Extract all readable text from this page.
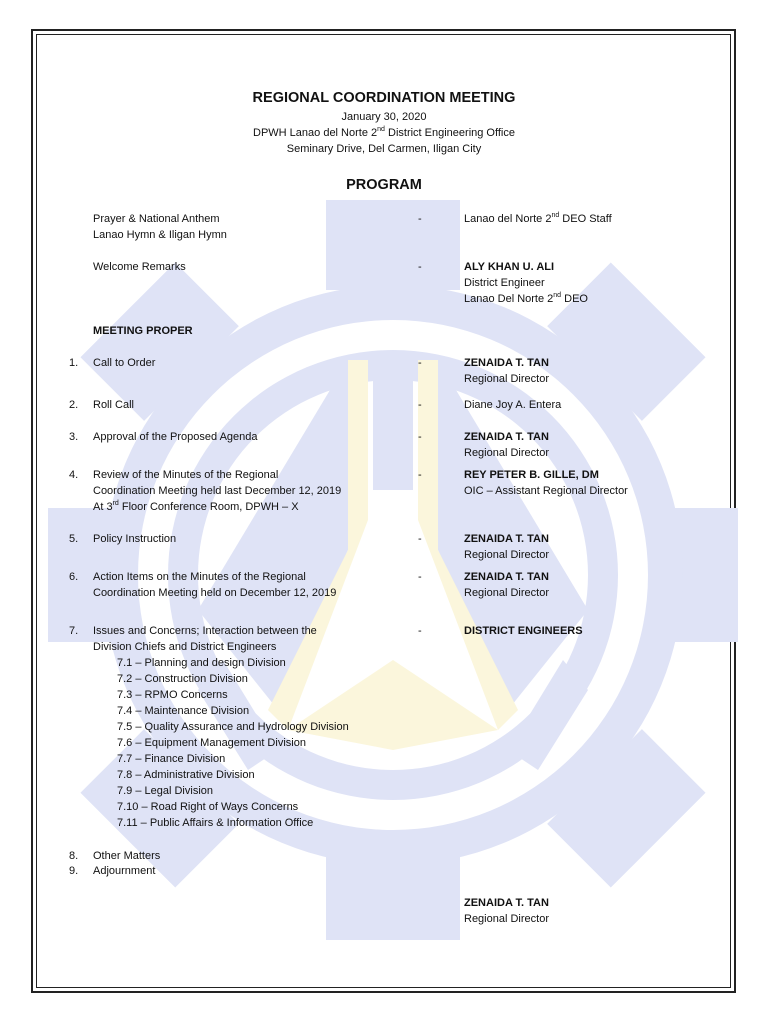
REGIONAL COORDINATION MEETING
January 30, 2020
DPWH Lanao del Norte 2nd District Engineering Office
Seminary Drive, Del Carmen, Iligan City
PROGRAM
Prayer & National Anthem
Lanao Hymn & Iligan Hymn
-	Lanao del Norte 2nd DEO Staff
Welcome Remarks	-	ALY KHAN U. ALI
District Engineer
Lanao Del Norte 2nd DEO
MEETING PROPER
1. Call to Order	-	ZENAIDA T. TAN
Regional Director
2. Roll Call	-	Diane Joy A. Entera
3. Approval of the Proposed Agenda	-	ZENAIDA T. TAN
Regional Director
4. Review of the Minutes of the Regional
Coordination Meeting held last December 12, 2019
At 3rd Floor Conference Room, DPWH – X
-	REY PETER B. GILLE, DM
OIC – Assistant Regional Director
5. Policy Instruction	-	ZENAIDA T. TAN
Regional Director
6. Action Items on the Minutes of the Regional
Coordination Meeting held on December 12, 2019
-	ZENAIDA T. TAN
Regional Director
7. Issues and Concerns; Interaction between the
Division Chiefs and District Engineers
-	DISTRICT ENGINEERS
7.1 – Planning and design Division
7.2 – Construction Division
7.3 – RPMO Concerns
7.4 – Maintenance Division
7.5 – Quality Assurance and Hydrology Division
7.6 – Equipment Management Division
7.7 – Finance Division
7.8 – Administrative Division
7.9 – Legal Division
7.10 – Road Right of Ways Concerns
7.11 – Public Affairs & Information Office
8. Other Matters
9. Adjournment
ZENAIDA T. TAN
Regional Director
